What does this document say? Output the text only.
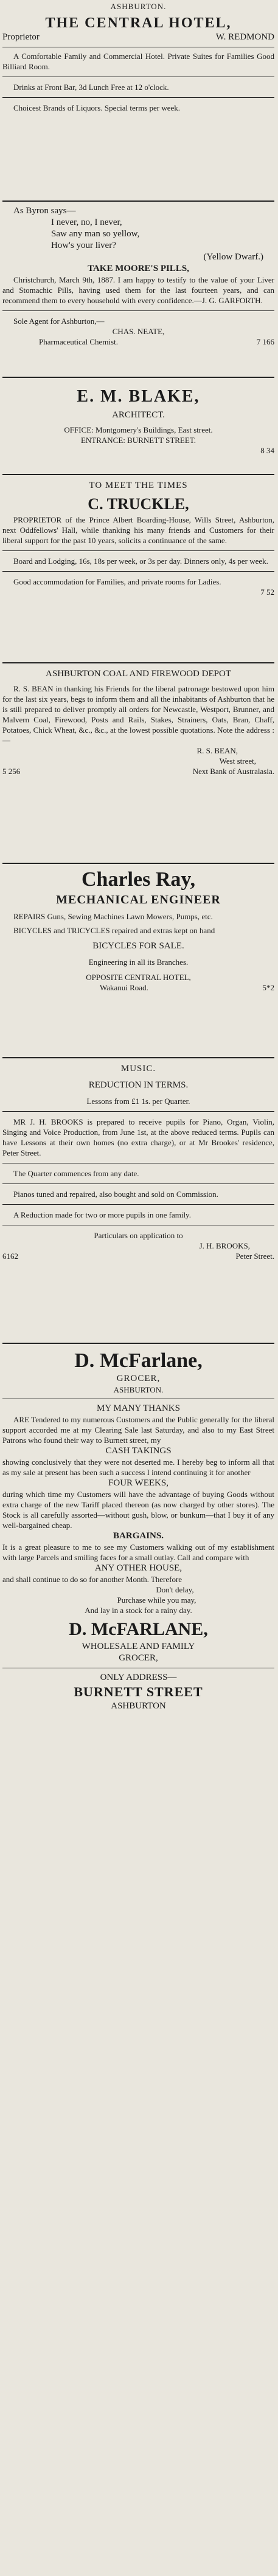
ASHBURTON.
THE CENTRAL HOTEL,
Proprietor	W. REDMOND

A Comfortable Family and Commercial Hotel. Private Suites for Families Good Billiard Room.

Drinks at Front Bar, 3d Lunch Free at 12 o'clock.

Choicest Brands of Liquors. Special terms per week.

As Byron says—
I never, no, I never,
Saw any man so yellow,
How's your liver?
(Yellow Dwarf.)
TAKE MOORE'S PILLS,

Christchurch, March 9th, 1887. I am happy to testify to the value of your Liver and Stomachic Pills, having used them for the last fourteen years, and can recommend them to every household with every confidence.—J. G. GARFORTH.

Sole Agent for Ashburton,—
CHAS. NEATE,
Pharmaceutical Chemist.	7 166
E. M. BLAKE,
ARCHITECT.
OFFICE: Montgomery's Buildings, East street.
ENTRANCE: BURNETT STREET.
8 34
TO MEET THE TIMES
C. TRUCKLE,

PROPRIETOR of the Prince Albert Boarding-House, Wills Street, Ashburton, next Oddfellows' Hall, while thanking his many friends and Customers for their liberal support for the past 10 years, solicits a continuance of the same.

Board and Lodging, 16s, 18s per week, or 3s per day. Dinners only, 4s per week.

Good accommodation for Families, and private rooms for Ladies.

7 52
ASHBURTON COAL AND FIREWOOD DEPOT

R. S. BEAN in thanking his Friends for the liberal patronage bestowed upon him for the last six years, begs to inform them and all the inhabitants of Ashburton that he is still prepared to deliver promptly all orders for Newcastle, Westport, Brunner, and Malvern Coal, Firewood, Posts and Rails, Stakes, Strainers, Oats, Bran, Chaff, Potatoes, Chick Wheat, &c., &c., at the lowest possible quotations. Note the address :—

R. S. BEAN,
West street,
5 256	Next Bank of Australasia.
Charles Ray,
MECHANICAL ENGINEER

REPAIRS Guns, Sewing Machines Lawn Mowers, Pumps, etc.

BICYCLES and TRICYCLES repaired and extras kept on hand

BICYCLES FOR SALE.
Engineering in all its Branches.
OPPOSITE CENTRAL HOTEL,
Wakanui Road.	5*2
MUSIC.
REDUCTION IN TERMS.
Lessons from £1 1s. per Quarter.

MR J. H. BROOKS is prepared to receive pupils for Piano, Organ, Violin, Singing and Voice Production, from June 1st, at the above reduced terms. Pupils can have Lessons at their own homes (no extra charge), or at Mr Brookes' residence, Peter Street.

The Quarter commences from any date.

Pianos tuned and repaired, also bought and sold on Commission.

A Reduction made for two or more pupils in one family.

Particulars on application to
J. H. BROOKS,
6162	Peter Street.
D. McFarlane,
GROCER,
ASHBURTON.
MY MANY THANKS

ARE Tendered to my numerous Customers and the Public generally for the liberal support accorded me at my Clearing Sale last Saturday, and also to my East Street Patrons who found their way to Burnett street, my

CASH TAKINGS

showing conclusively that they were not deserted me. I hereby beg to inform all that as my sale at present has been such a success I intend continuing it for another

FOUR WEEKS,

during which time my Customers will have the advantage of buying Goods without extra charge of the new Tariff placed thereon (as now charged by other stores). The Stock is all carefully assorted—without gush, blow, or bunkum—that I buy it of any well-bargained cheap.

BARGAINS.

It is a great pleasure to me to see my Customers walking out of my establishment with large Parcels and smiling faces for a small outlay. Call and compare with

ANY OTHER HOUSE,

and shall continue to do so for another Month. Therefore

Don't delay,
Purchase while you may,
And lay in a stock for a rainy day.
D. McFARLANE,
WHOLESALE AND FAMILY
GROCER,
ONLY ADDRESS—
BURNETT STREET
ASHBURTON
